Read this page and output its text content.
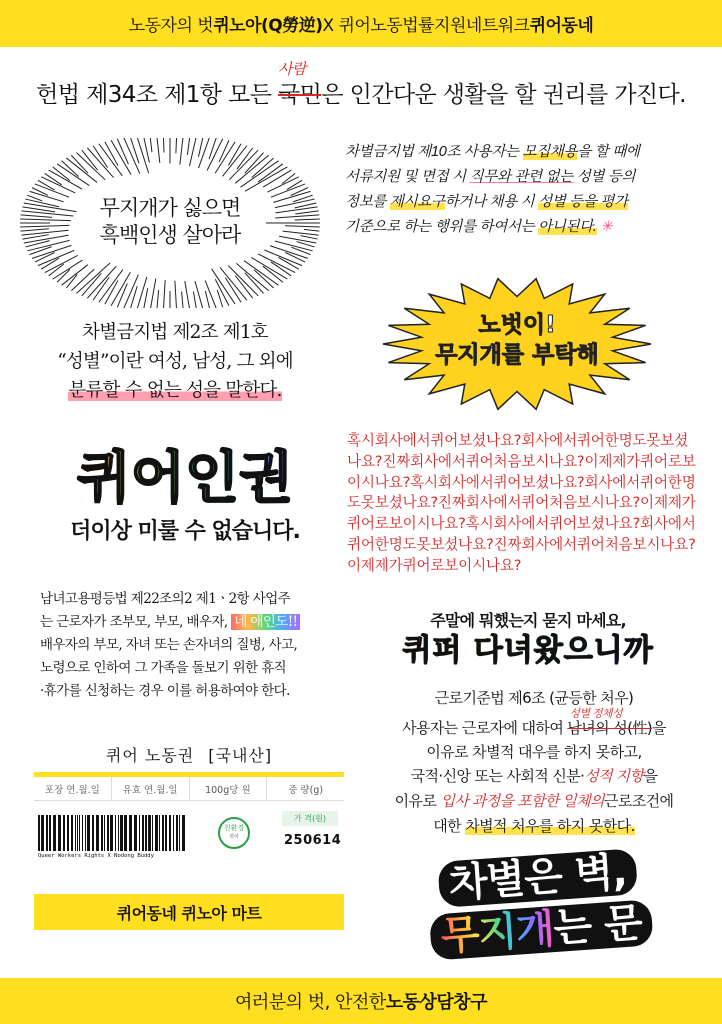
노동자의 벗 퀴노아(Q勞逆) X 퀴어노동법률지원네트워크 퀴어동네
헌법 제34조 제1항 모든
사람
국민은 인간다운 생활을 할 권리를 가진다.
무지개가 싫으면
흑백인생 살아라
차별금지법 제10조 사용자는 모집채용을 할 때에
서류지원 및 면접 시 직무와 관련 없는 성별 등의
정보를 제시요구하거나 채용 시 성별 등을 평가
기준으로 하는 행위를 하여서는 아니된다. ✳
차별금지법 제2조 제1호
“성별”이란 여성, 남성, 그 외에
분류할 수 없는 성을 말한다.
노벗이!
무지개를 부탁해
퀴어인권
더이상 미룰 수 없습니다.
혹시회사에서퀴어보셨나요?회사에서퀴어한명도못보셨나요?진짜회사에서퀴어처음보시나요?이제제가퀴어로보이시나요?혹시회사에서퀴어보셨나요?회사에서퀴어한명도못보셨나요?진짜회사에서퀴어처음보시나요?이제제가퀴어로보이시나요?혹시회사에서퀴어보셨나요?회사에서퀴어한명도못보셨나요?진짜회사에서퀴어처음보시나요?이제제가퀴어로보이시나요?
남녀고용평등법 제22조의2 제1ㆍ2항 사업주
는 근로자가 조부모, 부모, 배우자, 네 애인도!!
배우자의 부모, 자녀 또는 손자녀의 질병, 사고,
노령으로 인하여 그 가족을 돌보기 위한 휴직
·휴가를 신청하는 경우 이를 허용하여야 한다.
주말에 뭐했는지 묻지 마세요,
퀴퍼 다녀왔으니까
근로기준법 제6조 (균등한 처우)
사용자는 근로자에 대하여
성별 정체성
남녀의 성(性)을
이유로 차별적 대우를 하지 못하고,
국적·신앙 또는 사회적 신분·성적 지향을
이유로 입사 과정을 포함한 일체의근로조건에
대한 차별적 처우를 하지 못한다.
퀴어 노동권 [국내산]
포장 연.월.일	유효 연.월.일	100g당 원	중 량(g)
Queer Workers Rights X Nodong Buddy
친환경
퀴어
가 격(원)
250614
퀴어동네 퀴노아 마트
차별은 벽,
무지개는 문
여러분의 벗, 안전한 노동상담창구
